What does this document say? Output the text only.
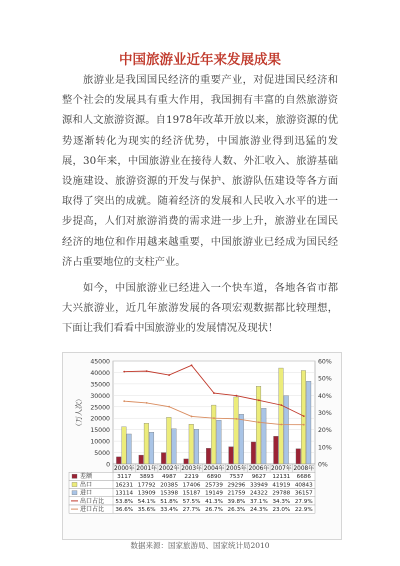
中国旅游业近年来发展成果

旅游业是我国国民经济的重要产业，对促进国民经济和整个社会的发展具有重大作用，我国拥有丰富的自然旅游资源和人文旅游资源。自1978年改革开放以来，旅游资源的优势逐渐转化为现实的经济优势，中国旅游业得到迅猛的发展，30年来，中国旅游业在接待人数、外汇收入、旅游基础设施建设、旅游资源的开发与保护、旅游队伍建设等各方面取得了突出的成就。随着经济的发展和人民收入水平的进一步提高，人们对旅游消费的需求进一步上升，旅游业在国民经济的地位和作用越来越重要，中国旅游业已经成为国民经济占重要地位的支柱产业。

如今，中国旅游业已经进入一个快车道，各地各省市都大兴旅游业，近几年旅游发展的各项宏观数据都比较理想，下面让我们看看中国旅游业的发展情况及现状！

0
5000
10000
15000
20000
25000
30000
35000
40000
45000
0%
10%
20%
30%
40%
50%
60%
（万人次）
2000年 2001年 2002年 2003年 2004年 2005年 2006年 2007年 2008年
差额	3117 3893 4987 2219 6890 7537 9627 12131 6686
出口	16231 17792 20385 17406 25739 29296 33949 41919 40843
进口	13114 13909 15398 15187 19149 21759 24322 29788 36157
出口占比 53.8% 54.1% 51.8% 57.5% 41.3% 39.8% 37.1% 34.3% 27.9%
进口占比 36.6% 35.6% 33.4% 27.7% 26.7% 26.3% 24.3% 23.0% 22.9%

数据来源：国家旅游局、国家统计局2010
